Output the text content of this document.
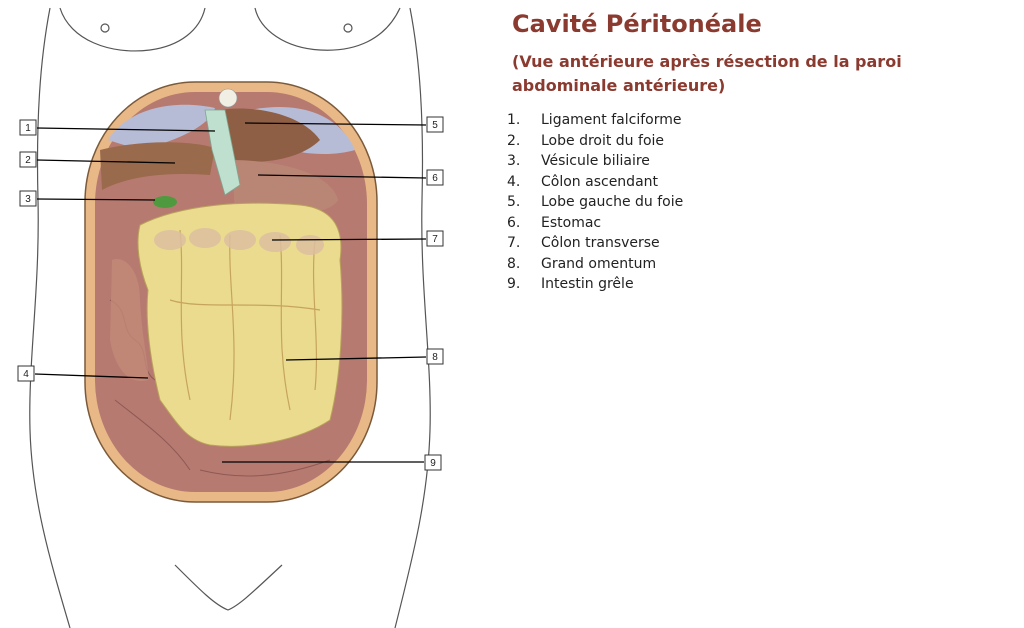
1
2
3
4
5
6
7
8
9
Cavité Péritonéale

(Vue antérieure après résection de la paroi abdominale antérieure)

1.	Ligament falciforme
2.	Lobe droit du foie
3.	Vésicule biliaire
4.	Côlon ascendant
5.	Lobe gauche du foie
6.	Estomac
7.	Côlon transverse
8.	Grand omentum
9.	Intestin grêle
